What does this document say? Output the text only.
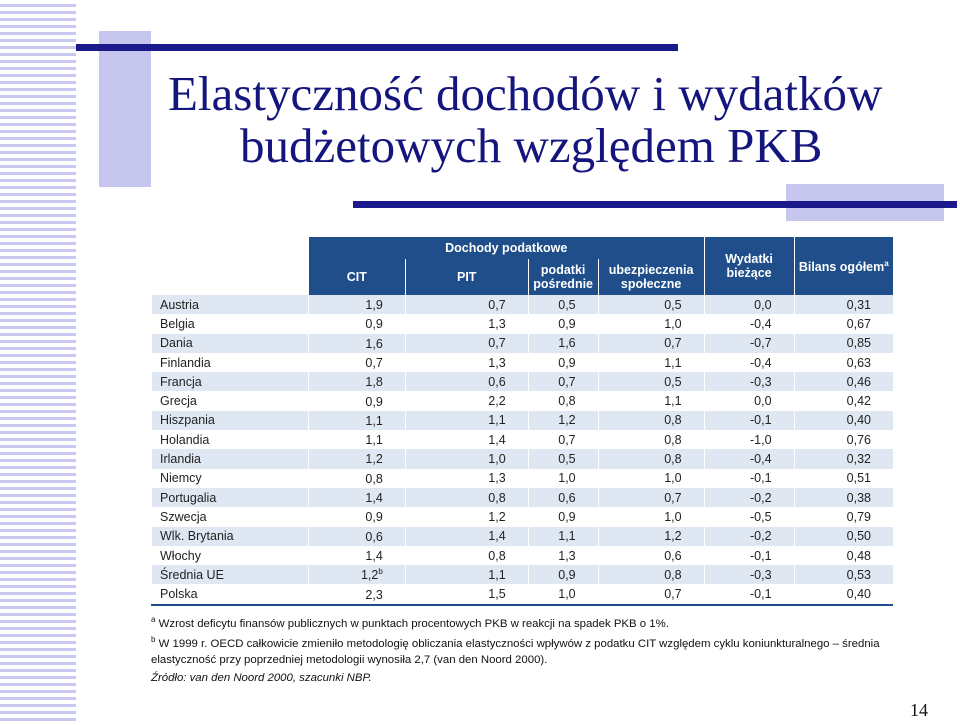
Elastyczność dochodów i wydatków
budżetowych względem PKB
	Dochody podatkowe				Wydatki bieżące	Bilans ogółem$^a$
	CIT	PIT	podatki pośrednie	ubezpieczenia społeczne		
Austria	1,9	0,7	0,5	0,5	0,0	0,31
Belgia	0,9	1,3	0,9	1,0	-0,4	0,67
Dania	1,6	0,7	1,6	0,7	-0,7	0,85
Finlandia	0,7	1,3	0,9	1,1	-0,4	0,63
Francja	1,8	0,6	0,7	0,5	-0,3	0,46
Grecja	0,9	2,2	0,8	1,1	0,0	0,42
Hiszpania	1,1	1,1	1,2	0,8	-0,1	0,40
Holandia	1,1	1,4	0,7	0,8	-1,0	0,76
Irlandia	1,2	1,0	0,5	0,8	-0,4	0,32
Niemcy	0,8	1,3	1,0	1,0	-0,1	0,51
Portugalia	1,4	0,8	0,6	0,7	-0,2	0,38
Szwecja	0,9	1,2	0,9	1,0	-0,5	0,79
Wlk. Brytania	0,6	1,4	1,1	1,2	-0,2	0,50
Włochy	1,4	0,8	1,3	0,6	-0,1	0,48
Średnia UE	1,2$^b$	1,1	0,9	0,8	-0,3	0,53
Polska	2,3	1,5	1,0	0,7	-0,1	0,40

$^a$ Wzrost deficytu finansów publicznych w punktach procentowych PKB w reakcji na spadek PKB o 1%.

$^b$ W 1999 r. OECD całkowicie zmieniło metodologię obliczania elastyczności wpływów z podatku CIT względem cyklu koniunkturalnego – średnia elastyczność przy poprzedniej metodologii wynosiła 2,7 (van den Noord 2000).

Źródło: van den Noord 2000, szacunki NBP.

14
